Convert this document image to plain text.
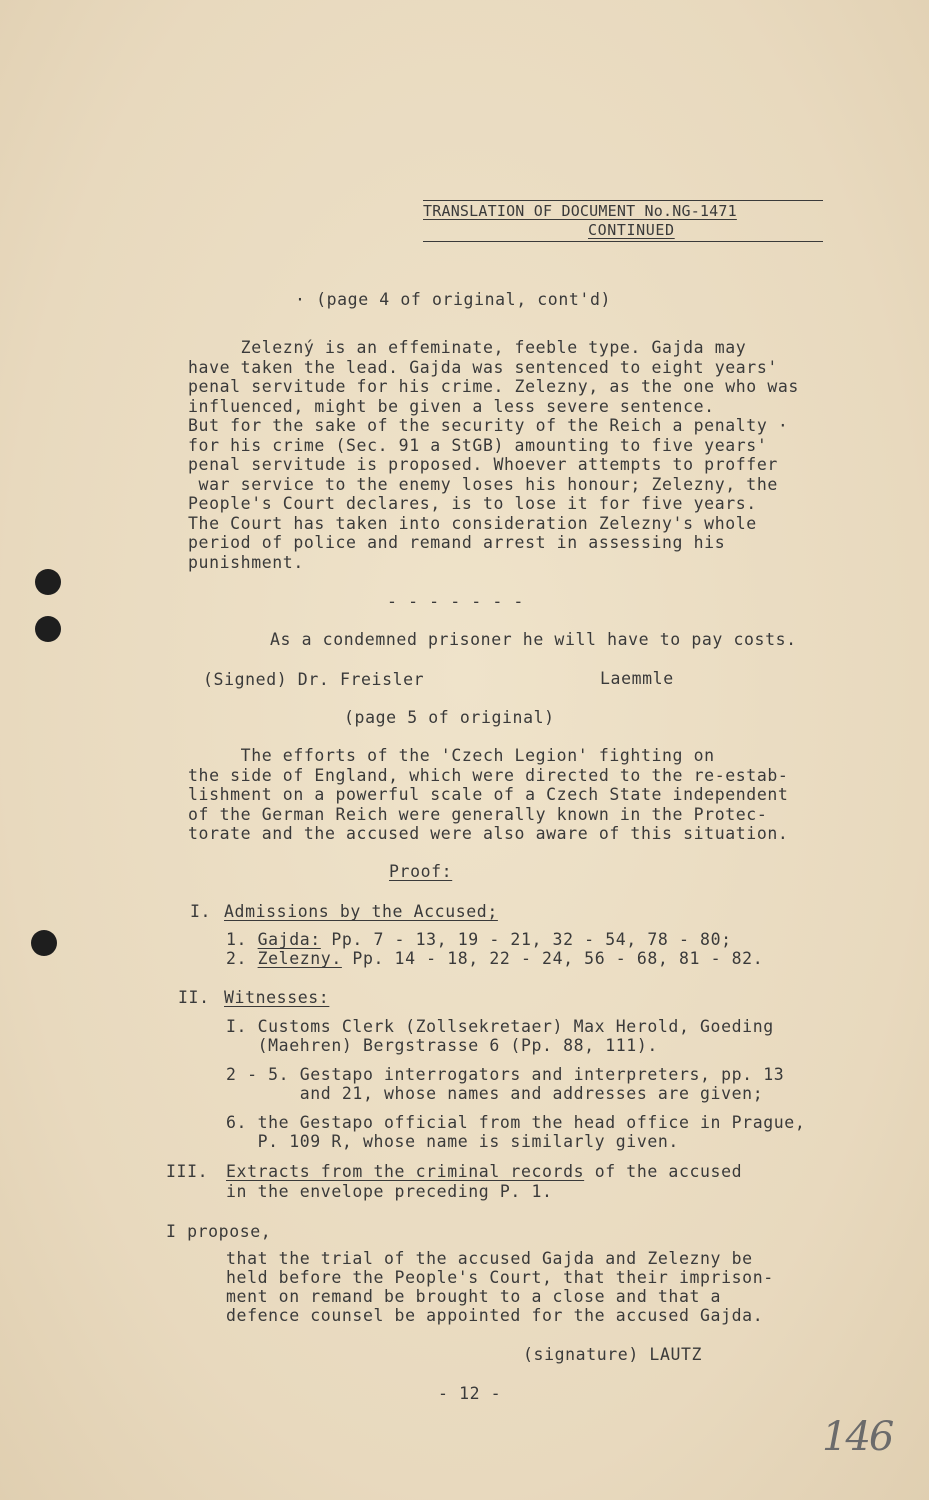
TRANSLATION OF DOCUMENT No.NG-1471
CONTINUED
· (page 4 of original, cont'd)
Zelezný is an effeminate, feeble type. Gajda may
have taken the lead. Gajda was sentenced to eight years'
penal servitude for his crime. Zelezny, as the one who was
influenced, might be given a less severe sentence.
But for the sake of the security of the Reich a penalty ·
for his crime (Sec. 91 a StGB) amounting to five years'
penal servitude is proposed. Whoever attempts to proffer
war service to the enemy loses his honour; Zelezny, the
People's Court declares, is to lose it for five years.
The Court has taken into consideration Zelezny's whole
period of police and remand arrest in assessing his
punishment.
- - - - - - -
As a condemned prisoner he will have to pay costs.
(Signed) Dr. Freisler	Laemmle
(page 5 of original)
The efforts of the 'Czech Legion' fighting on
the side of England, which were directed to the re-estab-
lishment on a powerful scale of a Czech State independent
of the German Reich were generally known in the Protec-
torate and the accused were also aware of this situation.
Proof:
I. Admissions by the Accused;
1. Gajda: Pp. 7 - 13, 19 - 21, 32 - 54, 78 - 80;
2. Zelezny. Pp. 14 - 18, 22 - 24, 56 - 68, 81 - 82.
II. Witnesses:
I. Customs Clerk (Zollsekretaer) Max Herold, Goeding
(Maehren) Bergstrasse 6 (Pp. 88, 111).
2 - 5. Gestapo interrogators and interpreters, pp. 13
and 21, whose names and addresses are given;
6. the Gestapo official from the head office in Prague,
P. 109 R, whose name is similarly given.
III. Extracts from the criminal records of the accused
in the envelope preceding P. 1.
I propose,
that the trial of the accused Gajda and Zelezny be
held before the People's Court, that their imprison-
ment on remand be brought to a close and that a
defence counsel be appointed for the accused Gajda.
(signature) LAUTZ
- 12 -
146
